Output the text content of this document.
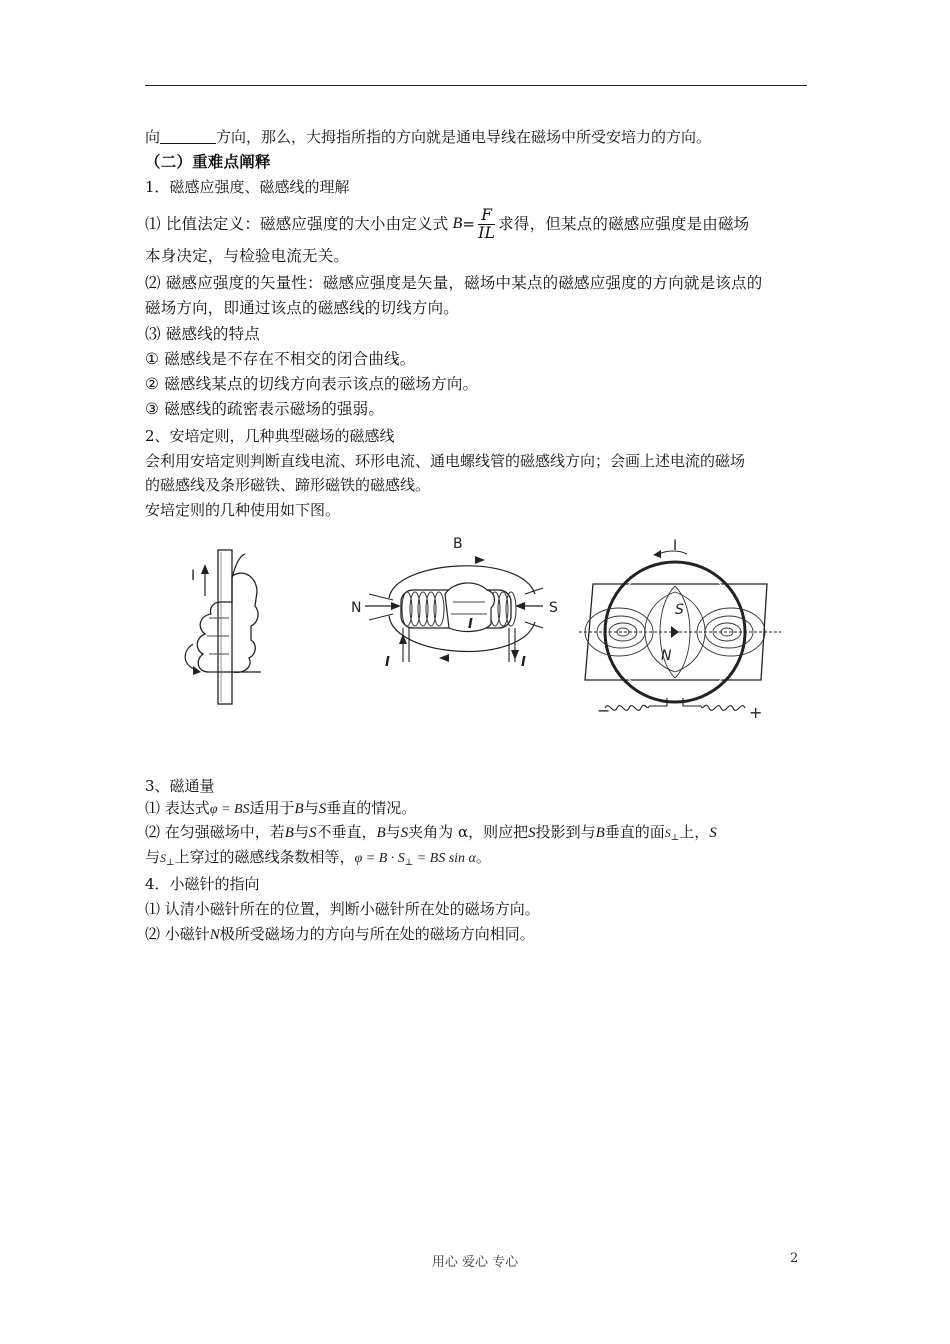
向	方向，那么，大拇指所指的方向就是通电导线在磁场中所受安培力的方向。
（二）重难点阐释
1．磁感应强度、磁感线的理解
⑴ 比值法定义：磁感应强度的大小由定义式 $B = \frac{F}{IL}$ 求得，但某点的磁感应强度是由磁场
本身决定，与检验电流无关。
⑵ 磁感应强度的矢量性：磁感应强度是矢量，磁场中某点的磁感应强度的方向就是该点的
磁场方向，即通过该点的磁感线的切线方向。
⑶ 磁感线的特点
① 磁感线是不存在不相交的闭合曲线。
② 磁感线某点的切线方向表示该点的磁场方向。
③ 磁感线的疏密表示磁场的强弱。
2、安培定则，几种典型磁场的磁感线
会利用安培定则判断直线电流、环形电流、通电螺线管的磁感线方向；会画上述电流的磁场
的磁感线及条形磁铁、蹄形磁铁的磁感线。
安培定则的几种使用如下图。
I
B
I
N	S
I	I
I
S
N
−	+
3、磁通量
⑴ 表达式φ = BS适用于B与S垂直的情况。
⑵ 在匀强磁场中，若B与S不垂直，B与S夹角为 α，则应把S投影到与B垂直的面$S_\perp$上，S
与$S_\perp$上穿过的磁感线条数相等，$\varphi = B \cdot S_\perp$ = BS sin α。
4．小磁针的指向
⑴ 认清小磁针所在的位置，判断小磁针所在处的磁场方向。
⑵ 小磁针N极所受磁场力的方向与所在处的磁场方向相同。
用心 爱心 专心	2
